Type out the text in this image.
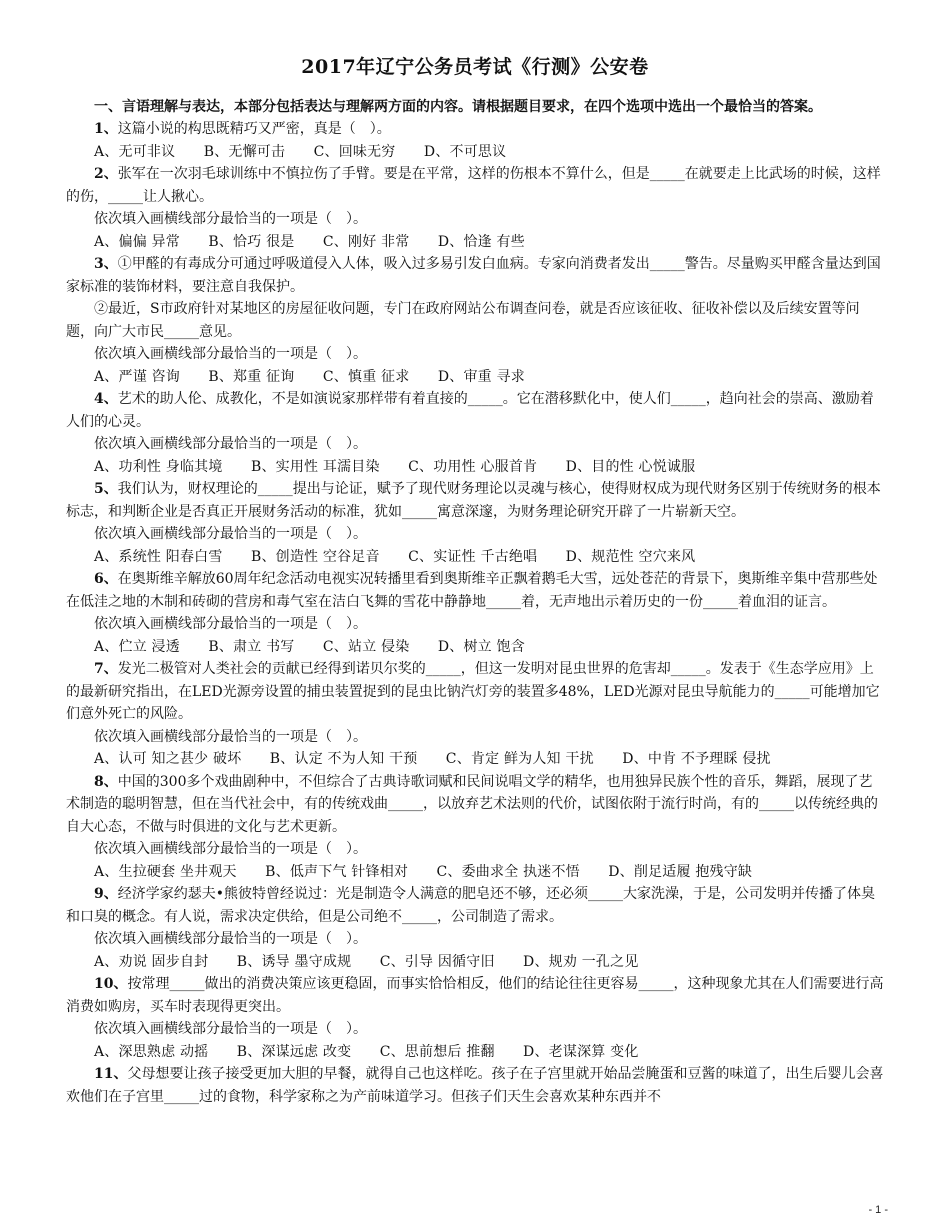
2017年辽宁公务员考试《行测》公安卷

一、言语理解与表达，本部分包括表达与理解两方面的内容。请根据题目要求，在四个选项中选出一个最恰当的答案。

1、这篇小说的构思既精巧又严密，真是（　）。

A、无可非议　　B、无懈可击　　C、回味无穷　　D、不可思议

2、张军在一次羽毛球训练中不慎拉伤了手臂。要是在平常，这样的伤根本不算什么，但是_____在就要走上比武场的时候，这样的伤，_____让人揪心。

依次填入画横线部分最恰当的一项是（　）。

A、偏偏 异常　　B、恰巧 很是　　C、刚好 非常　　D、恰逢 有些

3、①甲醛的有毒成分可通过呼吸道侵入人体，吸入过多易引发白血病。专家向消费者发出_____警告。尽量购买甲醛含量达到国家标准的装饰材料，要注意自我保护。

②最近，S市政府针对某地区的房屋征收问题，专门在政府网站公布调查问卷，就是否应该征收、征收补偿以及后续安置等问题，向广大市民_____意见。

依次填入画横线部分最恰当的一项是（　）。

A、严谨 咨询　　B、郑重 征询　　C、慎重 征求　　D、审重 寻求

4、艺术的助人伦、成教化，不是如演说家那样带有着直接的_____。它在潜移默化中，使人们_____，趋向社会的崇高、激励着人们的心灵。

依次填入画横线部分最恰当的一项是（　）。

A、功利性 身临其境　　B、实用性 耳濡目染　　C、功用性 心服首肯　　D、目的性 心悦诚服

5、我们认为，财权理论的_____提出与论证，赋予了现代财务理论以灵魂与核心，使得财权成为现代财务区别于传统财务的根本标志，和判断企业是否真正开展财务活动的标准，犹如_____寓意深邃，为财务理论研究开辟了一片崭新天空。

依次填入画横线部分最恰当的一项是（　）。

A、系统性 阳春白雪　　B、创造性 空谷足音　　C、实证性 千古绝唱　　D、规范性 空穴来风

6、在奥斯维辛解放60周年纪念活动电视实况转播里看到奥斯维辛正飘着鹅毛大雪，远处苍茫的背景下，奥斯维辛集中营那些处在低洼之地的木制和砖砌的营房和毒气室在洁白飞舞的雪花中静静地_____着，无声地出示着历史的一份_____着血泪的证言。

依次填入画横线部分最恰当的一项是（　）。

A、伫立 浸透　　B、肃立 书写　　C、站立 侵染　　D、树立 饱含

7、发光二极管对人类社会的贡献已经得到诺贝尔奖的_____，但这一发明对昆虫世界的危害却_____。发表于《生态学应用》上的最新研究指出，在LED光源旁设置的捕虫装置捉到的昆虫比钠汽灯旁的装置多48%，LED光源对昆虫导航能力的_____可能增加它们意外死亡的风险。

依次填入画横线部分最恰当的一项是（　）。

A、认可 知之甚少 破坏　　B、认定 不为人知 干预　　C、肯定 鲜为人知 干扰　　D、中肯 不予理睬 侵扰

8、中国的300多个戏曲剧种中，不但综合了古典诗歌词赋和民间说唱文学的精华，也用独异民族个性的音乐，舞蹈，展现了艺术制造的聪明智慧，但在当代社会中，有的传统戏曲_____，以放弃艺术法则的代价，试图依附于流行时尚，有的_____以传统经典的自大心态，不做与时俱进的文化与艺术更新。

依次填入画横线部分最恰当的一项是（　）。

A、生拉硬套 坐井观天　　B、低声下气 针锋相对　　C、委曲求全 执迷不悟　　D、削足适履 抱残守缺

9、经济学家约瑟夫•熊彼特曾经说过：光是制造令人满意的肥皂还不够，还必须_____大家洗澡，于是，公司发明并传播了体臭和口臭的概念。有人说，需求决定供给，但是公司绝不_____，公司制造了需求。

依次填入画横线部分最恰当的一项是（　）。

A、劝说 固步自封　　B、诱导 墨守成规　　C、引导 因循守旧　　D、规劝 一孔之见

10、按常理_____做出的消费决策应该更稳固，而事实恰恰相反，他们的结论往往更容易_____，这种现象尤其在人们需要进行高消费如购房，买车时表现得更突出。

依次填入画横线部分最恰当的一项是（　）。

A、深思熟虑 动摇　　B、深谋远虑 改变　　C、思前想后 推翻　　D、老谋深算 变化

11、父母想要让孩子接受更加大胆的早餐，就得自己也这样吃。孩子在子宫里就开始品尝腌蛋和豆酱的味道了，出生后婴儿会喜欢他们在子宫里_____过的食物，科学家称之为产前味道学习。但孩子们天生会喜欢某种东西并不

- 1 -
